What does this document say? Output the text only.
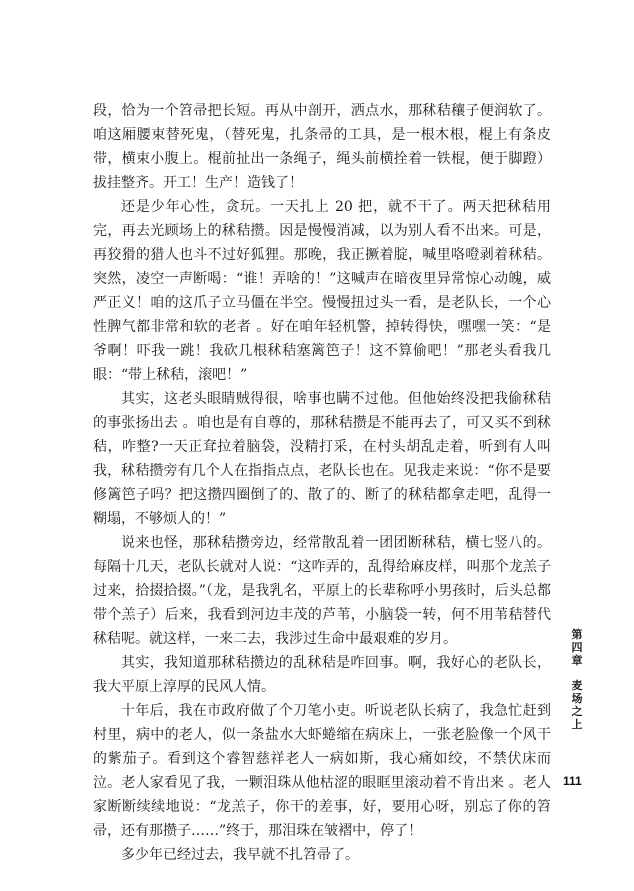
段，恰为一个笤帚把长短。再从中剖开，洒点水，那秫秸穰子便润软了。咱这厢腰束替死鬼，（替死鬼，扎条帚的工具，是一根木根，棍上有条皮带，横束小腹上。棍前扯出一条绳子，绳头前横拴着一铁棍，便于脚蹬）拔挂整齐。开工！生产！造钱了！

还是少年心性，贪玩。一天扎上 20 把，就不干了。两天把秫秸用完，再去光顾场上的秫秸攒。因是慢慢消减，以为别人看不出来。可是，再狡猾的猎人也斗不过好狐狸。那晚，我正撅着腚，喊里咯噔剥着秫秸。突然，凌空一声断喝：“谁！弄啥的！”这喊声在暗夜里异常惊心动魄，威严正义！咱的这爪子立马僵在半空。慢慢扭过头一看，是老队长，一个心性脾气都非常和软的老者 。好在咱年轻机警，掉转得快，嘿嘿一笑：“是爷啊！吓我一跳！我砍几根秫秸塞篱笆子！这不算偷吧！”那老头看我几眼：“带上秫秸，滚吧！”

其实，这老头眼睛贼得很，啥事也瞒不过他。但他始终没把我偷秫秸的事张扬出去 。咱也是有自尊的，那秫秸攒是不能再去了，可又买不到秫秸，咋整?一天正耷拉着脑袋，没精打采，在村头胡乱走着，听到有人叫我，秫秸攒旁有几个人在指指点点，老队长也在。见我走来说：“你不是要修篱笆子吗？把这攒四圈倒了的、散了的、断了的秫秸都拿走吧，乱得一糊塌，不够烦人的！”

说来也怪，那秫秸攒旁边，经常散乱着一团团断秫秸，横七竖八的。每隔十几天，老队长就对人说：“这咋弄的，乱得给麻皮样，叫那个龙羔子过来，拾掇拾掇。”（龙，是我乳名，平原上的长辈称呼小男孩时，后头总都带个羔子）后来，我看到河边丰茂的芦苇，小脑袋一转，何不用苇秸替代秫秸呢。就这样，一来二去，我涉过生命中最艰难的岁月。

其实，我知道那秫秸攒边的乱秫秸是咋回事。啊，我好心的老队长，我大平原上淳厚的民风人情。

十年后，我在市政府做了个刀笔小吏。听说老队长病了，我急忙赶到村里，病中的老人，似一条盐水大虾蜷缩在病床上，一张老脸像一个风干的紫茄子。看到这个睿智慈祥老人一病如斯，我心痛如绞，不禁伏床而泣。老人家看见了我，一颗泪珠从他枯涩的眼眶里滚动着不肯出来 。老人家断断续续地说：“龙羔子，你干的差事，好，要用心呀，别忘了你的笤帚，还有那攒子……”终于，那泪珠在皱褶中，停了！

多少年已经过去，我早就不扎笤帚了。

第四章
麦场之上
111
